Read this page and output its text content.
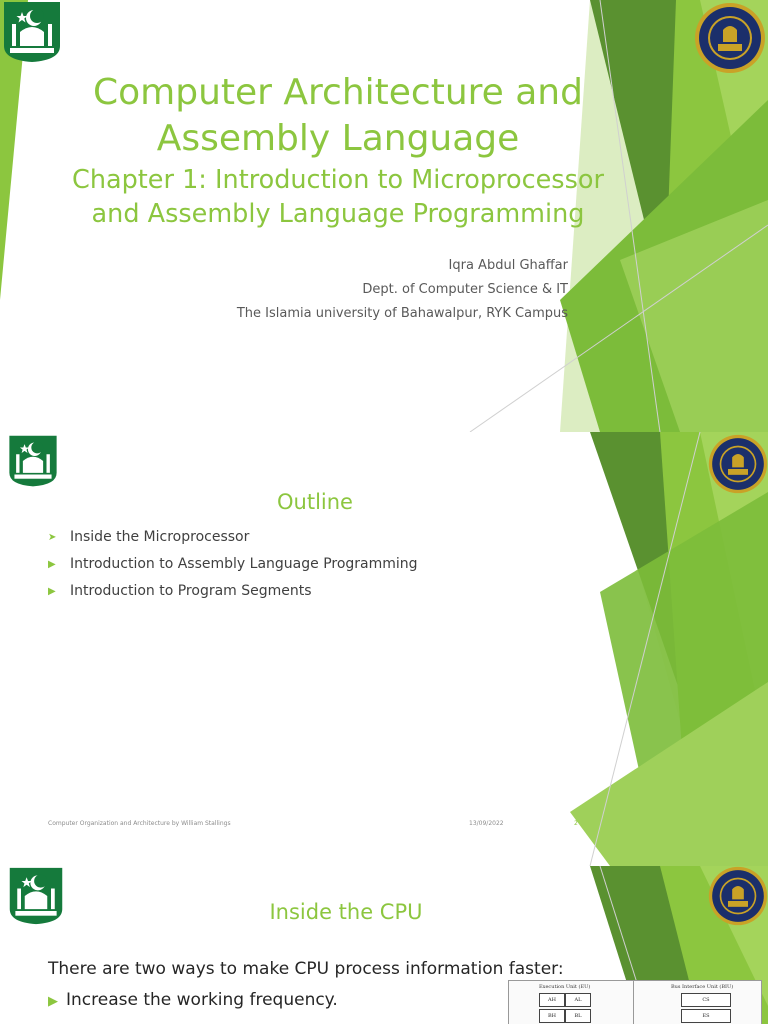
Computer Architecture and
Assembly Language
Chapter 1: Introduction to Microprocessor
and Assembly Language Programming
Iqra Abdul Ghaffar
Dept. of Computer Science & IT
The Islamia university of Bahawalpur, RYK Campus
Outline
➤ Inside the Microprocessor
▶ Introduction to Assembly Language Programming
▶ Introduction to Program Segments
Computer Organization and Architecture by William Stallings	13/09/2022	2
Inside the CPU
There are two ways to make CPU process information faster:
▶ Increase the working frequency.
Execution Unit (EU)	Bus Interface Unit (BIU)
AH	AL
BH	BL
CS
ES
